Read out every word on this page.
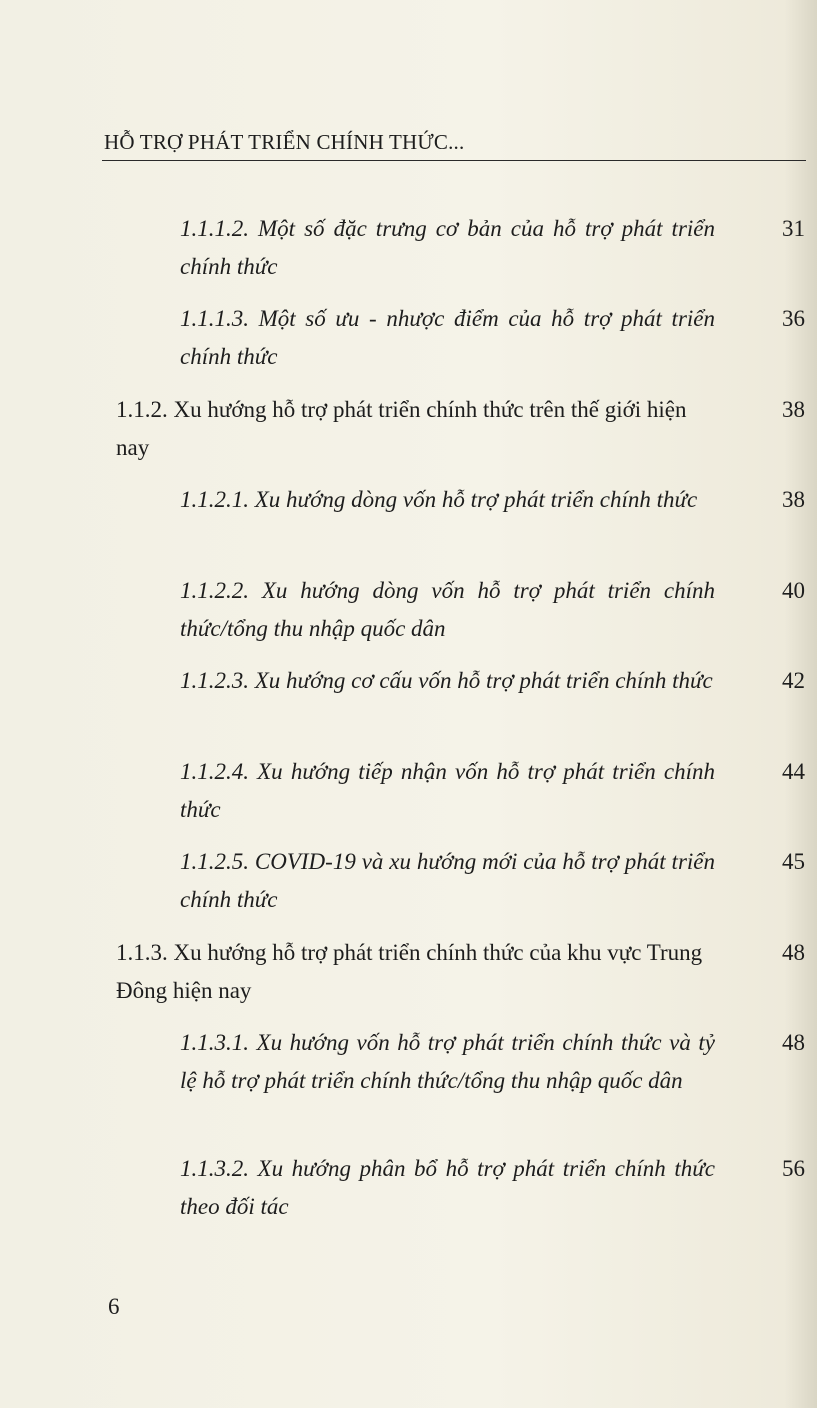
HỖ TRỢ PHÁT TRIỂN CHÍNH THỨC...
1.1.1.2. Một số đặc trưng cơ bản của hỗ trợ phát triển chính thức
31
1.1.1.3. Một số ưu - nhược điểm của hỗ trợ phát triển chính thức
36
1.1.2. Xu hướng hỗ trợ phát triển chính thức trên thế giới hiện nay
38
1.1.2.1. Xu hướng dòng vốn hỗ trợ phát triển chính thức	38
1.1.2.2. Xu hướng dòng vốn hỗ trợ phát triển chính thức/tổng thu nhập quốc dân
40
1.1.2.3. Xu hướng cơ cấu vốn hỗ trợ phát triển chính thức	42
1.1.2.4. Xu hướng tiếp nhận vốn hỗ trợ phát triển chính thức
44
1.1.2.5. COVID-19 và xu hướng mới của hỗ trợ phát triển chính thức
45
1.1.3. Xu hướng hỗ trợ phát triển chính thức của khu vực Trung Đông hiện nay
48
1.1.3.1. Xu hướng vốn hỗ trợ phát triển chính thức và tỷ lệ hỗ trợ phát triển chính thức/tổng thu nhập quốc dân
48
1.1.3.2. Xu hướng phân bổ hỗ trợ phát triển chính thức theo đối tác
56
6
